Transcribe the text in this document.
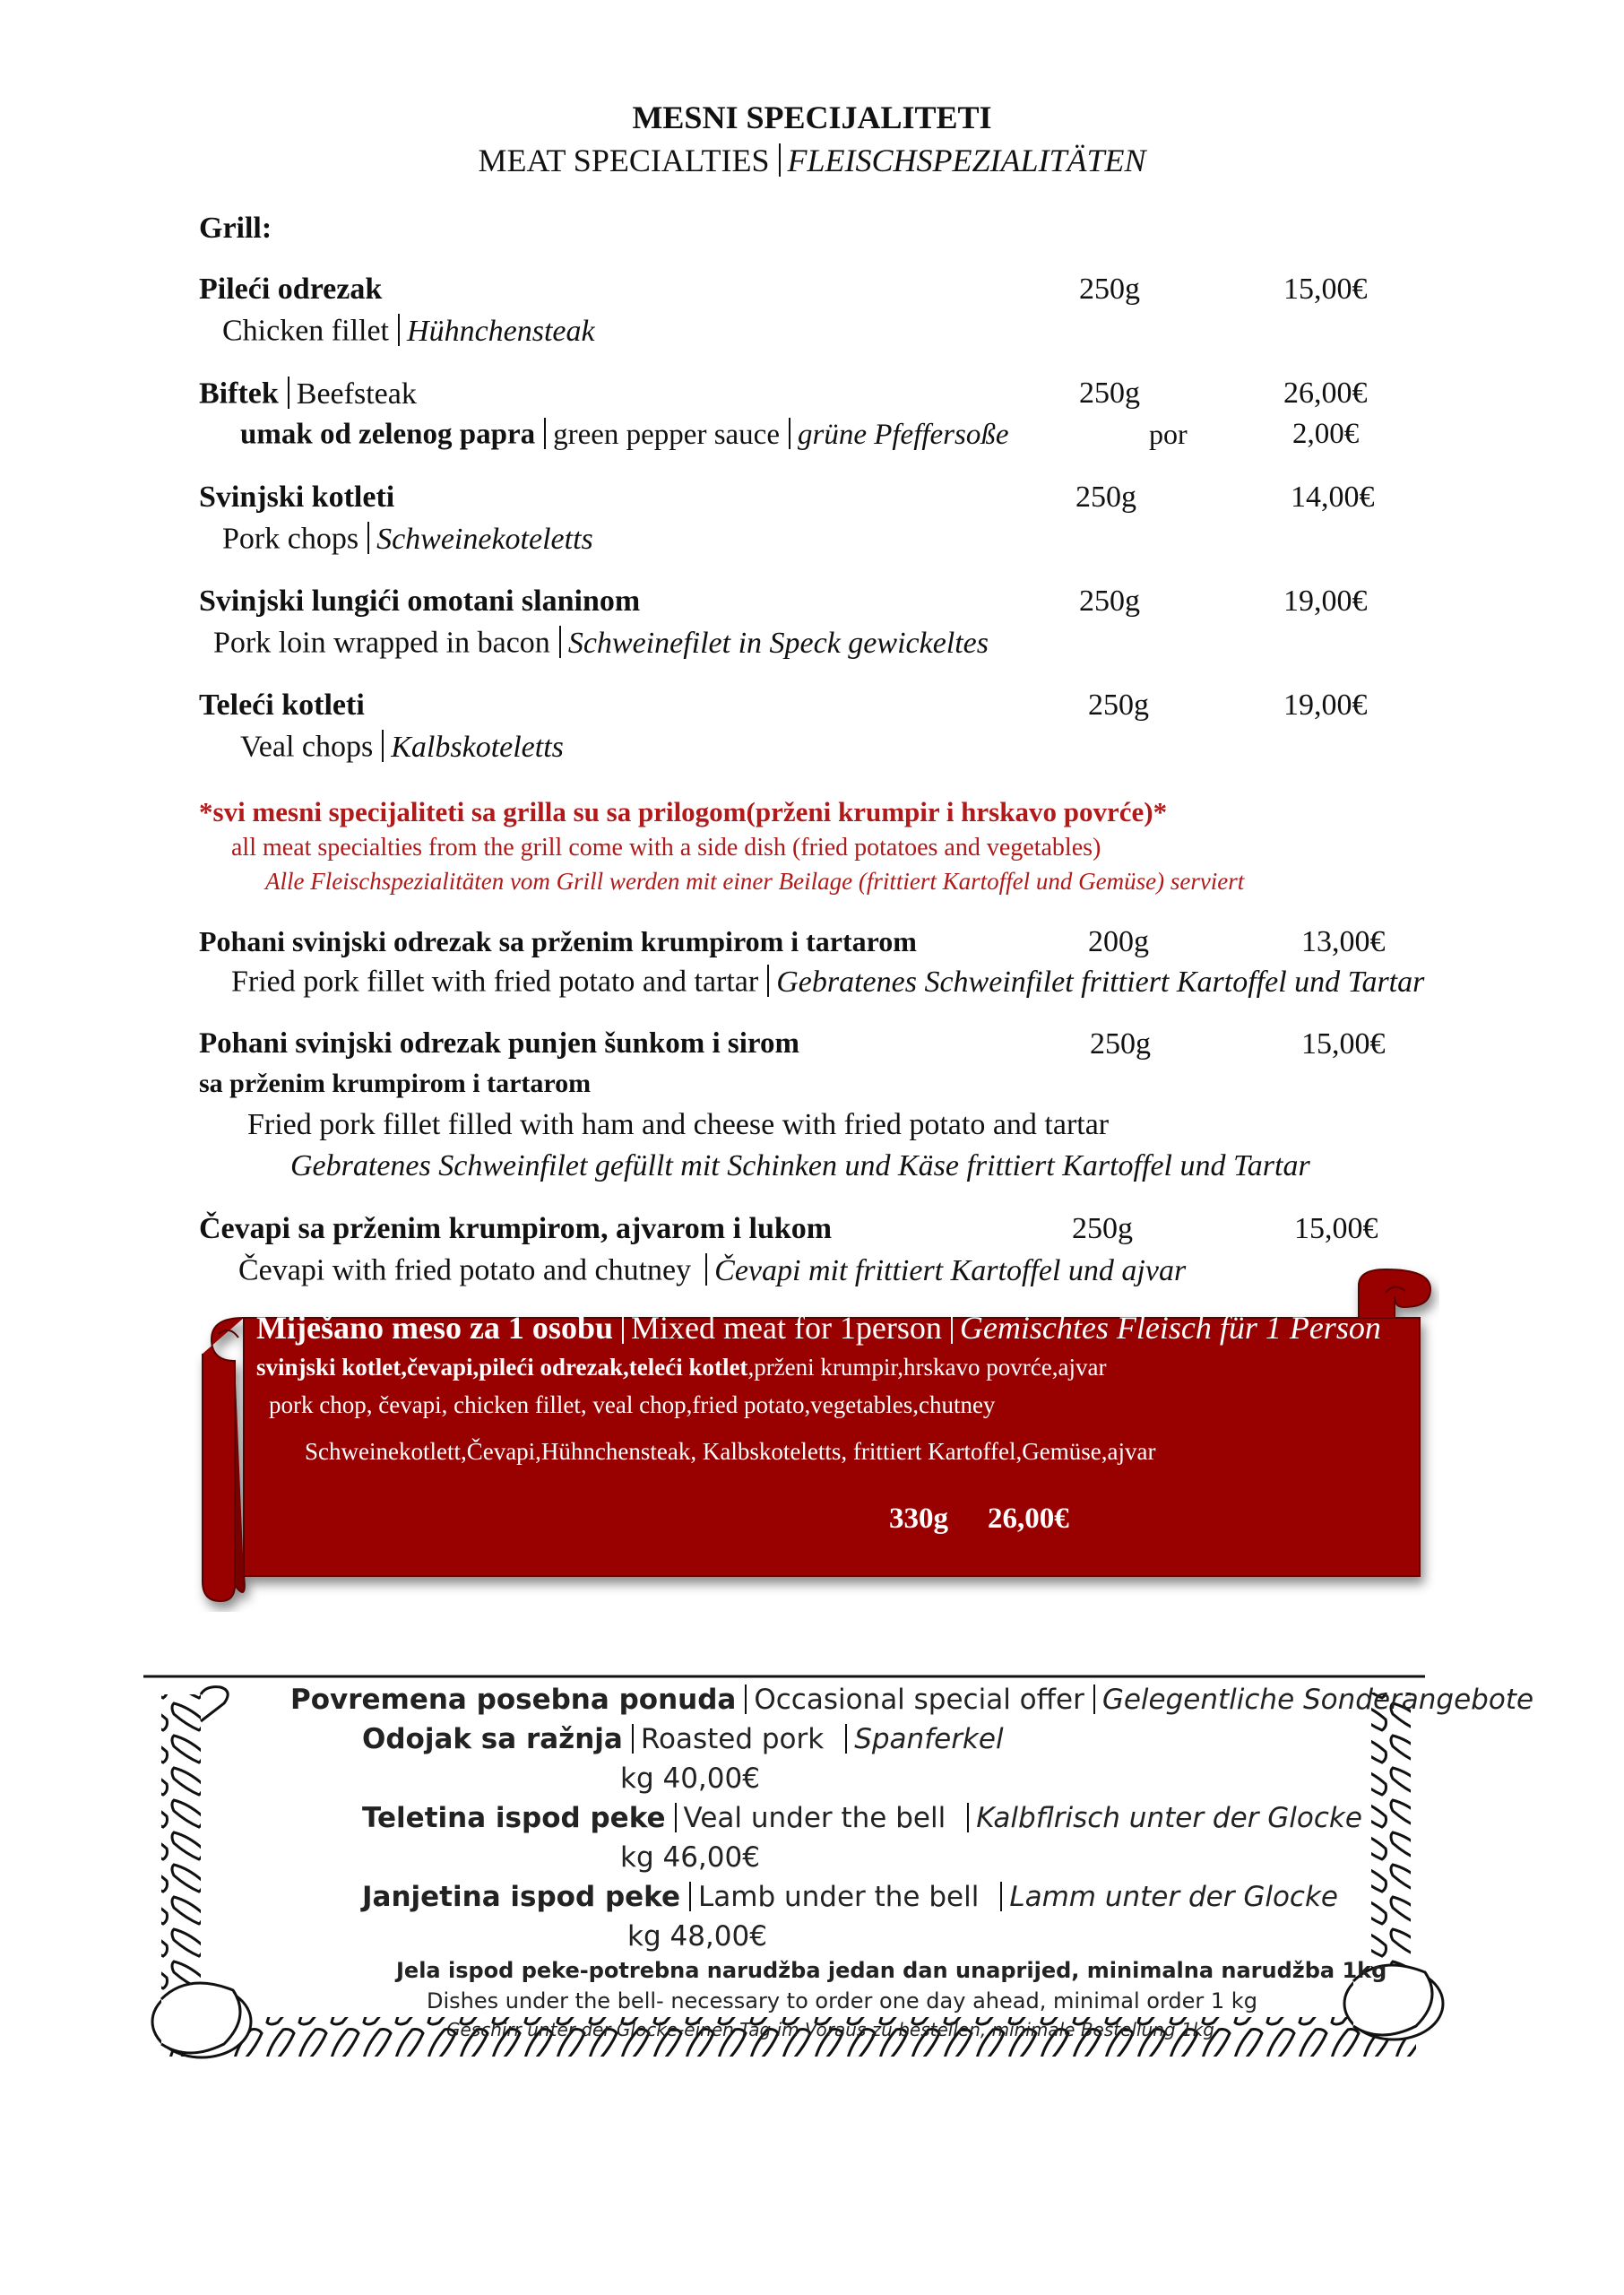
MESNI SPECIJALITETI
MEAT SPECIALTIES FLEISCHSPEZIALITÄTEN
Grill:
Pileći odrezak	250g	15,00€
Chicken fillet Hühnchensteak
Biftek Beefsteak	250g	26,00€
umak od zelenog papra green pepper sauce grüne Pfeffersoße	por	2,00€
Svinjski kotleti	250g	14,00€
Pork chops Schweinekoteletts
Svinjski lungići omotani slaninom	250g	19,00€
Pork loin wrapped in bacon Schweinefilet in Speck gewickeltes
Teleći kotleti	250g	19,00€
Veal chops Kalbskoteletts
*svi mesni specijaliteti sa grilla su sa prilogom(prženi krumpir i hrskavo povrće)*
all meat specialties from the grill come with a side dish (fried potatoes and vegetables)
Alle Fleischspezialitäten vom Grill werden mit einer Beilage (frittiert Kartoffel und Gemüse) serviert
Pohani svinjski odrezak sa prženim krumpirom i tartarom	200g	13,00€
Fried pork fillet with fried potato and tartar Gebratenes Schweinfilet frittiert Kartoffel und Tartar
Pohani svinjski odrezak punjen šunkom i sirom	250g	15,00€
sa prženim krumpirom i tartarom
Fried pork fillet filled with ham and cheese with fried potato and tartar
Gebratenes Schweinfilet gefüllt mit Schinken und Käse frittiert Kartoffel und Tartar
Čevapi sa prženim krumpirom, ajvarom i lukom	250g	15,00€
Čevapi with fried potato and chutney Čevapi mit frittiert Kartoffel und ajvar
Miješano meso za 1 osobu Mixed meat for 1person Gemischtes Fleisch für 1 Person
svinjski kotlet,čevapi,pileći odrezak,teleći kotlet,prženi krumpir,hrskavo povrće,ajvar
pork chop, čevapi, chicken fillet, veal chop,fried potato,vegetables,chutney
Schweinekotlett,Čevapi,Hühnchensteak, Kalbskoteletts, frittiert Kartoffel,Gemüse,ajvar
330g 26,00€
Povremena posebna ponuda Occasional special offer Gelegentliche Sonderangebote
Odojak sa ražnja Roasted pork Spanferkel
kg 40,00€
Teletina ispod peke Veal under the bell Kalbflrisch unter der Glocke
kg 46,00€
Janjetina ispod peke Lamb under the bell Lamm unter der Glocke
kg 48,00€
Jela ispod peke-potrebna narudžba jedan dan unaprijed, minimalna narudžba 1kg
Dishes under the bell- necessary to order one day ahead, minimal order 1 kg
Geschirr unter der Glocke-einen Tag im Voraus zu bestellen, minimale Bestellung 1kg
